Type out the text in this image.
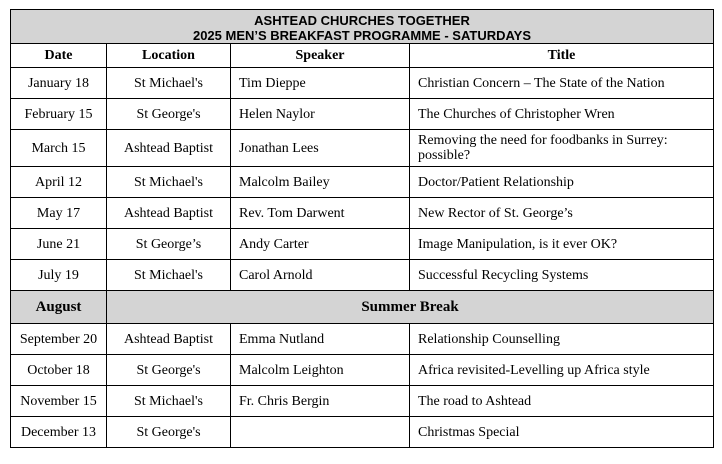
ASHTEAD CHURCHES TOGETHER
2025 MEN’S BREAKFAST PROGRAMME - SATURDAYS			

Date	Location	Speaker	Title
January 18	St Michael's	Tim Dieppe	Christian Concern – The State of the Nation
February 15	St George's	Helen Naylor	The Churches of Christopher Wren
March 15	Ashtead Baptist	Jonathan Lees	Removing the need for foodbanks in Surrey: possible?
April 12	St Michael's	Malcolm Bailey	Doctor/Patient Relationship
May 17	Ashtead Baptist	Rev. Tom Darwent	New Rector of St. George’s
June 21	St George’s	Andy Carter	Image Manipulation, is it ever OK?
July 19	St Michael's	Carol Arnold	Successful Recycling Systems
August	Summer Break		
September 20	Ashtead Baptist	Emma Nutland	Relationship Counselling
October 18	St George's	Malcolm Leighton	Africa revisited-Levelling up Africa style
November 15	St Michael's	Fr. Chris Bergin	The road to Ashtead
December 13	St George's		Christmas Special
